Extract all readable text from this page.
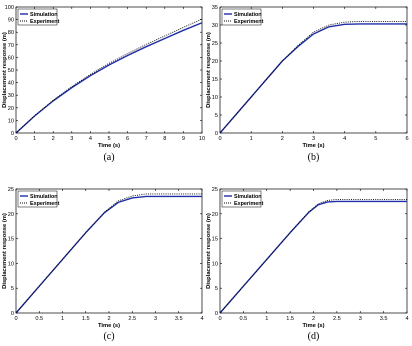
0	1	2	3	4	5	6	7	8	9 10
0
10
20
30
40
50
60
70
80
90
100
Time (s)
Displacement response (m)
Simulation
Experiment
(a)
0	1	2	3	4	5	6
0
5
10
15
20
25
30
35
Time (s)
Displacement response (m)
Simulation
Experiment
(b)
0	0.5	1	1.5	2	2.5	3	3.5	4
0
5
10
15
20
25
Time (s)
Displacement response (m)
Simulation
Experiment
(c)
0	0.5	1	1.5	2	2.5	3	3.5	4
0
5
10
15
20
25
Time (s)
Displacement response (m)
Simulation
Experiment
(d)
